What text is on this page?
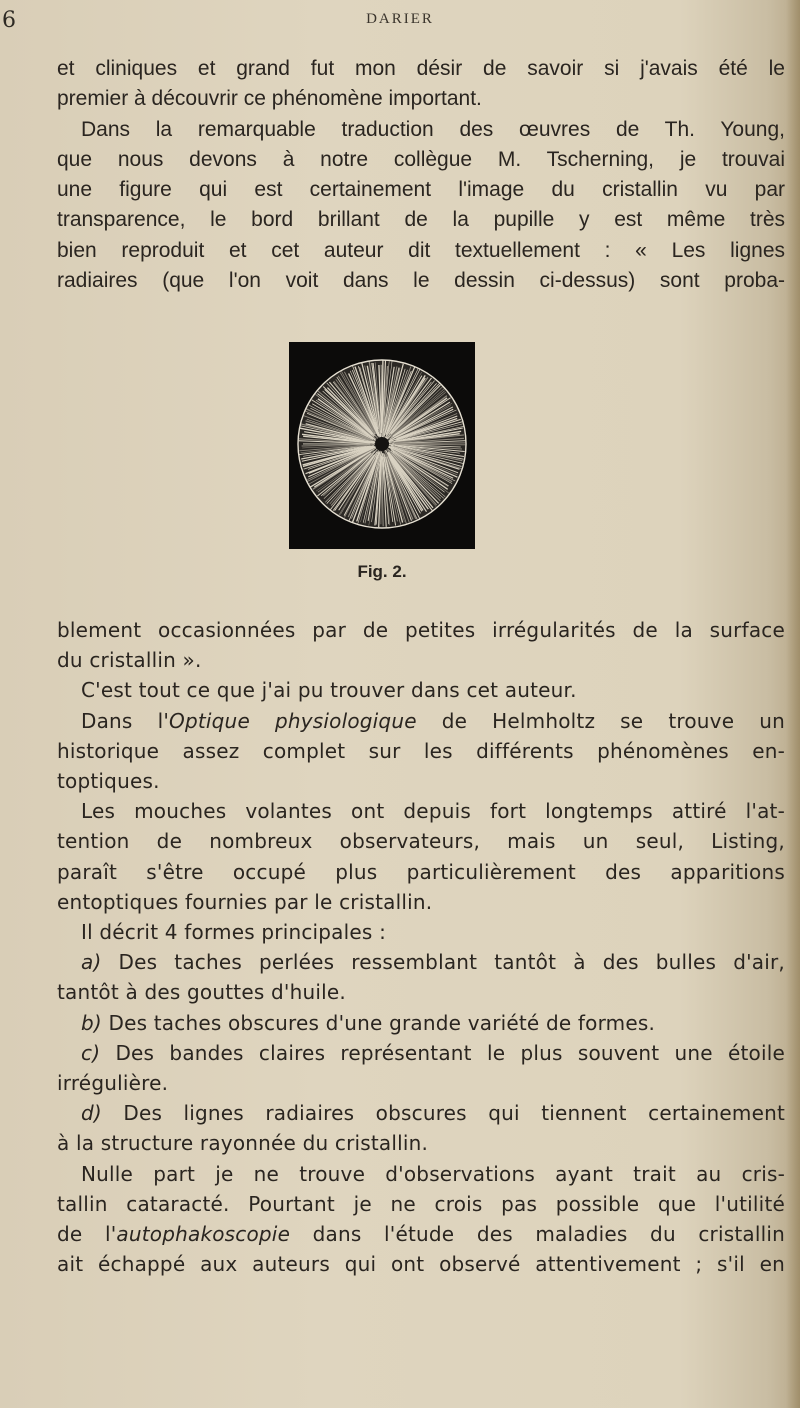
6	DARIER
et cliniques et grand fut mon désir de savoir si j'avais été le
premier à découvrir ce phénomène important.
Dans la remarquable traduction des œuvres de Th. Young,
que nous devons à notre collègue M. Tscherning, je trouvai
une figure qui est certainement l'image du cristallin vu par
transparence, le bord brillant de la pupille y est même très
bien reproduit et cet auteur dit textuellement : « Les lignes
radiaires (que l'on voit dans le dessin ci-dessus) sont proba-
Fig. 2.
blement occasionnées par de petites irrégularités de la surface
du cristallin ».
C'est tout ce que j'ai pu trouver dans cet auteur.
Dans l'Optique physiologique de Helmholtz se trouve un
historique assez complet sur les différents phénomènes en-
toptiques.
Les mouches volantes ont depuis fort longtemps attiré l'at-
tention de nombreux observateurs, mais un seul, Listing,
paraît s'être occupé plus particulièrement des apparitions
entoptiques fournies par le cristallin.
Il décrit 4 formes principales :
a) Des taches perlées ressemblant tantôt à des bulles d'air,
tantôt à des gouttes d'huile.
b) Des taches obscures d'une grande variété de formes.
c) Des bandes claires représentant le plus souvent une étoile
irrégulière.
d) Des lignes radiaires obscures qui tiennent certainement
à la structure rayonnée du cristallin.
Nulle part je ne trouve d'observations ayant trait au cris-
tallin cataracté. Pourtant je ne crois pas possible que l'utilité
de l'autophakoscopie dans l'étude des maladies du cristallin
ait échappé aux auteurs qui ont observé attentivement ; s'il en
